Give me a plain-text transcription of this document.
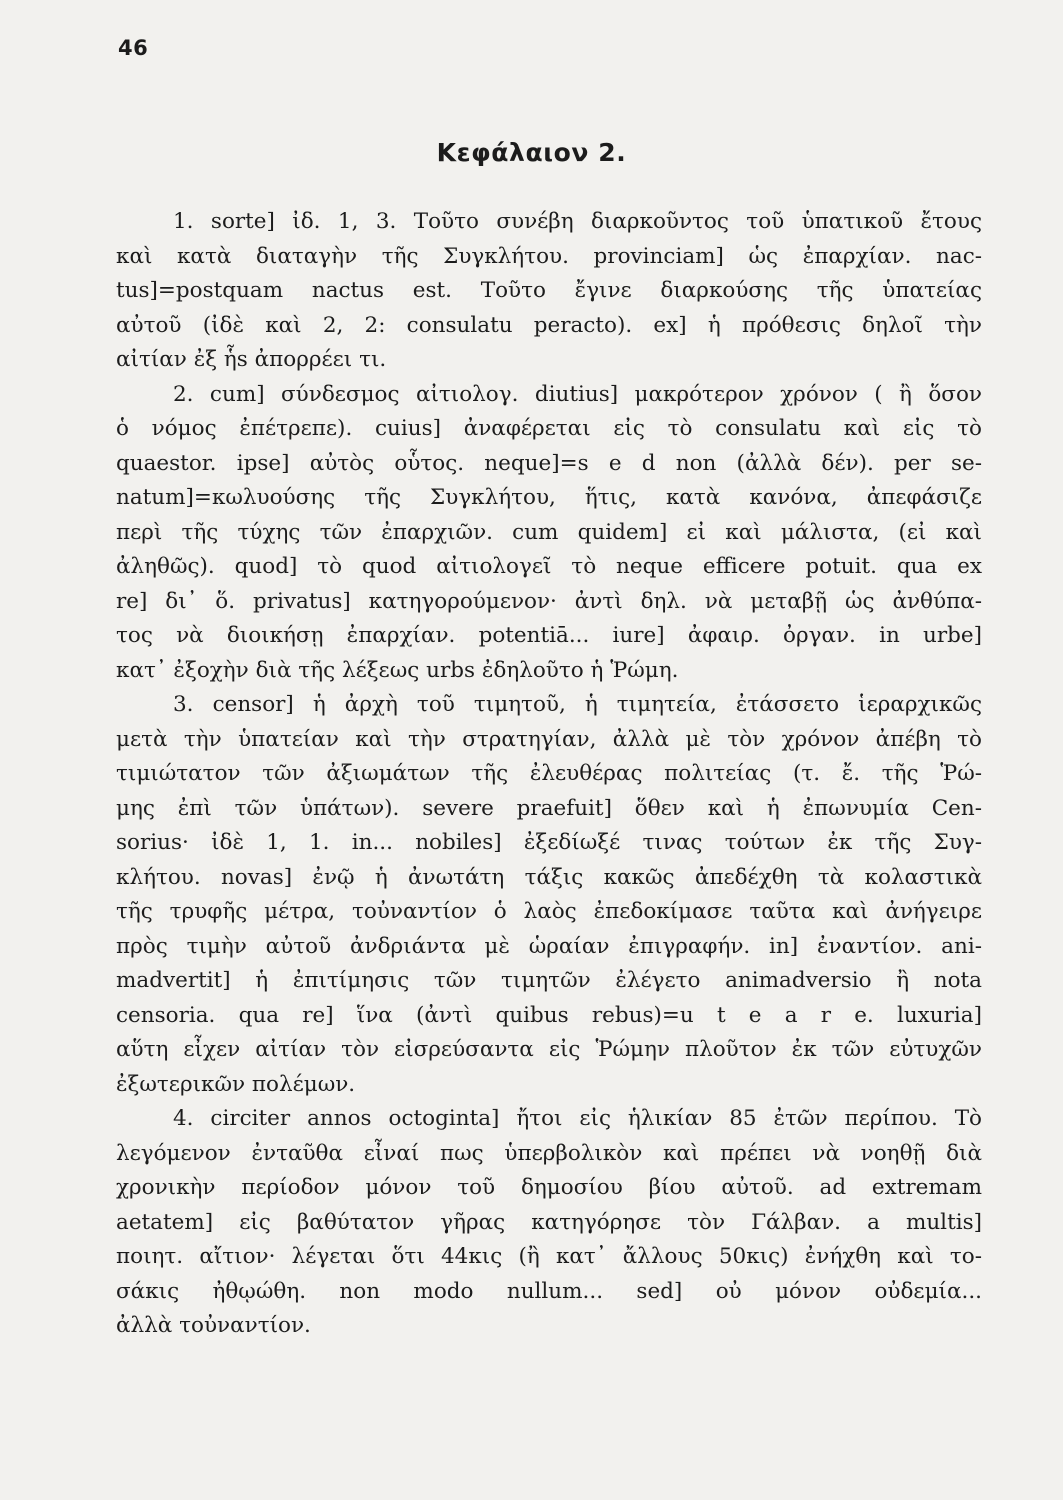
46
Κεφάλαιον 2.
1. sorte] ἰδ. 1, 3. Τοῦτο συνέβη διαρκοῦντος τοῦ ὑπατικοῦ ἔτους
καὶ κατὰ διαταγὴν τῆς Συγκλήτου. provinciam] ὡς ἐπαρχίαν. nac-
tus]=postquam nactus est. Τοῦτο ἔγινε διαρκούσης τῆς ὑπατείας
αὐτοῦ (ἰδὲ καὶ 2, 2: consulatu peracto). ex] ἡ πρόθεσις δηλοῖ τὴν
αἰτίαν ἐξ ἧs ἀπορρέει τι.
2. cum] σύνδεσμος αἰτιολογ. diutius] μακρότερον χρόνον ( ἢ ὅσον
ὁ νόμος ἐπέτρεπε). cuius] ἀναφέρεται εἰς τὸ consulatu καὶ εἰς τὸ
quaestor. ipse] αὐτὸς οὗτος. neque]=s e d non (ἀλλὰ δέν). per se-
natum]=κωλυούσης τῆς Συγκλήτου, ἥτις, κατὰ κανόνα, ἀπεφάσιζε
περὶ τῆς τύχης τῶν ἐπαρχιῶν. cum quidem] εἰ καὶ μάλιστα, (εἰ καὶ
ἀληθῶς). quod] τὸ quod αἰτιολογεῖ τὸ neque efficere potuit. qua ex
re] δι᾿ ὅ. privatus] κατηγορούμενον· ἀντὶ δηλ. νὰ μεταβῇ ὡς ἀνθύπα-
τος νὰ διοικήσῃ ἐπαρχίαν. potentiā... iure] ἀφαιρ. ὀργαν. in urbe]
κατ᾿ ἐξοχὴν διὰ τῆς λέξεως urbs ἐδηλοῦτο ἡ Ῥώμη.
3. censor] ἡ ἀρχὴ τοῦ τιμητοῦ, ἡ τιμητεία, ἐτάσσετο ἱεραρχικῶς
μετὰ τὴν ὑπατείαν καὶ τὴν στρατηγίαν, ἀλλὰ μὲ τὸν χρόνον ἀπέβη τὸ
τιμιώτατον τῶν ἀξιωμάτων τῆς ἐλευθέρας πολιτείας (τ. ἔ. τῆς Ῥώ-
μης ἐπὶ τῶν ὑπάτων). severe praefuit] ὅθεν καὶ ἡ ἐπωνυμία Cen-
sorius· ἰδὲ 1, 1. in... nobiles] ἐξεδίωξέ τινας τούτων ἐκ τῆς Συγ-
κλήτου. novas] ἐνῷ ἡ ἀνωτάτη τάξις κακῶς ἀπεδέχθη τὰ κολαστικὰ
τῆς τρυφῆς μέτρα, τοὐναντίον ὁ λαὸς ἐπεδοκίμασε ταῦτα καὶ ἀνήγειρε
πρὸς τιμὴν αὐτοῦ ἀνδριάντα μὲ ὡραίαν ἐπιγραφήν. in] ἐναντίον. ani-
madvertit] ἡ ἐπιτίμησις τῶν τιμητῶν ἐλέγετο animadversio ἢ nota
censoria. qua re] ἵνα (ἀντὶ quibus rebus)=u t e a r e. luxuria]
αὕτη εἶχεν αἰτίαν τὸν εἰσρεύσαντα εἰς Ῥώμην πλοῦτον ἐκ τῶν εὐτυχῶν
ἐξωτερικῶν πολέμων.
4. circiter annos octoginta] ἤτοι εἰς ἡλικίαν 85 ἐτῶν περίπου. Τὸ
λεγόμενον ἐνταῦθα εἶναί πως ὑπερβολικὸν καὶ πρέπει νὰ νοηθῇ διὰ
χρονικὴν περίοδον μόνον τοῦ δημοσίου βίου αὐτοῦ. ad extremam
aetatem] εἰς βαθύτατον γῆρας κατηγόρησε τὸν Γάλβαν. a multis]
ποιητ. αἴτιον· λέγεται ὅτι 44κις (ἢ κατ᾿ ἄλλους 50κις) ἐνήχθη καὶ το-
σάκις ἠθῳώθη. non modo nullum... sed] οὐ μόνον οὐδεμία...
ἀλλὰ τοὐναντίον.
